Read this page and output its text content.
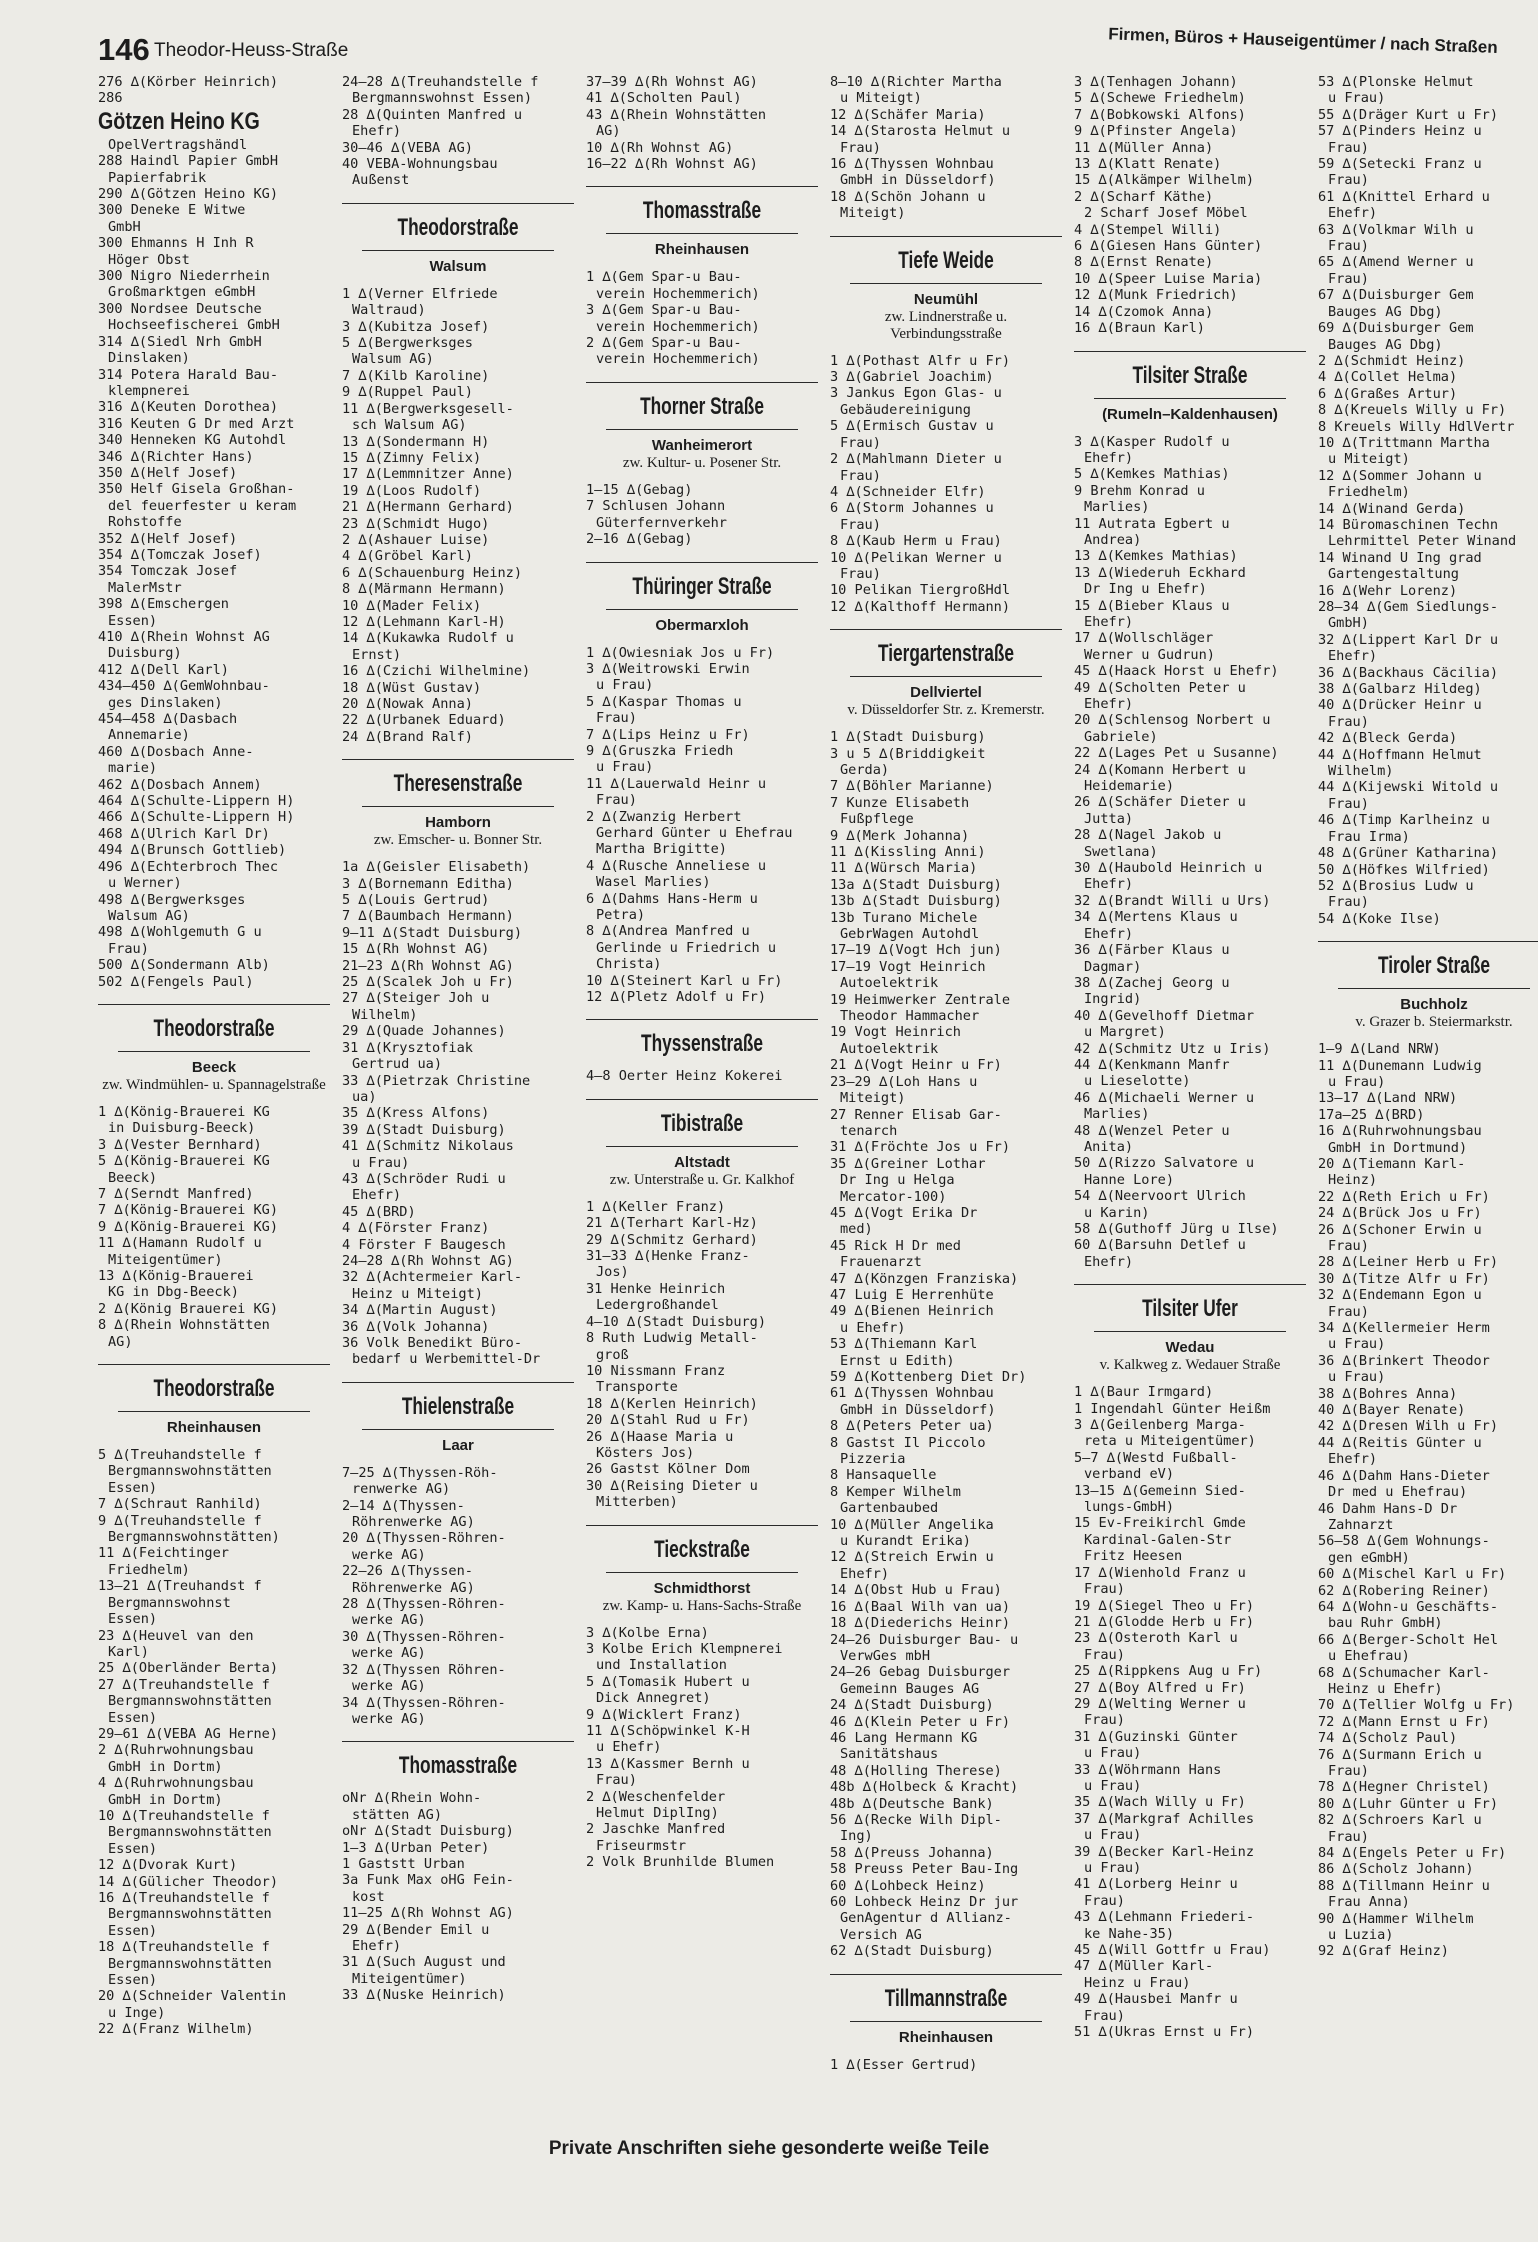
146 Theodor-Heuss-Straße	Firmen, Büros + Hauseigentümer / nach Straßen
276 ∆(Körber Heinrich)
286
Götzen Heino KG
OpelVertragshändl
288 Haindl Papier GmbH
Papierfabrik
290 ∆(Götzen Heino KG)
300 Deneke E Witwe
GmbH
300 Ehmanns H Inh R
Höger Obst
300 Nigro Niederrhein
Großmarktgen eGmbH
300 Nordsee Deutsche
Hochseefischerei GmbH
314 ∆(Siedl Nrh GmbH
Dinslaken)
314 Potera Harald Bau-
klempnerei
316 ∆(Keuten Dorothea)
316 Keuten G Dr med Arzt
340 Henneken KG Autohdl
346 ∆(Richter Hans)
350 ∆(Helf Josef)
350 Helf Gisela Großhan-
del feuerfester u keram
Rohstoffe
352 ∆(Helf Josef)
354 ∆(Tomczak Josef)
354 Tomczak Josef
MalerMstr
398 ∆(Emschergen
Essen)
410 ∆(Rhein Wohnst AG
Duisburg)
412 ∆(Dell Karl)
434–450 ∆(GemWohnbau-
ges Dinslaken)
454–458 ∆(Dasbach
Annemarie)
460 ∆(Dosbach Anne-
marie)
462 ∆(Dosbach Annem)
464 ∆(Schulte-Lippern H)
466 ∆(Schulte-Lippern H)
468 ∆(Ulrich Karl Dr)
494 ∆(Brunsch Gottlieb)
496 ∆(Echterbroch Thec
u Werner)
498 ∆(Bergwerksges
Walsum AG)
498 ∆(Wohlgemuth G u
Frau)
500 ∆(Sondermann Alb)
502 ∆(Fengels Paul)
Theodorstraße
Beeck
zw. Windmühlen- u. Spannagelstraße
1 ∆(König-Brauerei KG
in Duisburg-Beeck)
3 ∆(Vester Bernhard)
5 ∆(König-Brauerei KG
Beeck)
7 ∆(Serndt Manfred)
7 ∆(König-Brauerei KG)
9 ∆(König-Brauerei KG)
11 ∆(Hamann Rudolf u
Miteigentümer)
13 ∆(König-Brauerei
KG in Dbg-Beeck)
2 ∆(König Brauerei KG)
8 ∆(Rhein Wohnstätten
AG)
Theodorstraße
Rheinhausen
5 ∆(Treuhandstelle f
Bergmannswohnstätten
Essen)
7 ∆(Schraut Ranhild)
9 ∆(Treuhandstelle f
Bergmannswohnstätten)
11 ∆(Feichtinger
Friedhelm)
13–21 ∆(Treuhandst f
Bergmannswohnst
Essen)
23 ∆(Heuvel van den
Karl)
25 ∆(Oberländer Berta)
27 ∆(Treuhandstelle f
Bergmannswohnstätten
Essen)
29–61 ∆(VEBA AG Herne)
2 ∆(Ruhrwohnungsbau
GmbH in Dortm)
4 ∆(Ruhrwohnungsbau
GmbH in Dortm)
10 ∆(Treuhandstelle f
Bergmannswohnstätten
Essen)
12 ∆(Dvorak Kurt)
14 ∆(Gülicher Theodor)
16 ∆(Treuhandstelle f
Bergmannswohnstätten
Essen)
18 ∆(Treuhandstelle f
Bergmannswohnstätten
Essen)
20 ∆(Schneider Valentin
u Inge)
22 ∆(Franz Wilhelm)
24–28 ∆(Treuhandstelle f
Bergmannswohnst Essen)
28 ∆(Quinten Manfred u
Ehefr)
30–46 ∆(VEBA AG)
40 VEBA-Wohnungsbau
Außenst
Theodorstraße
Walsum
1 ∆(Verner Elfriede
Waltraud)
3 ∆(Kubitza Josef)
5 ∆(Bergwerksges
Walsum AG)
7 ∆(Kilb Karoline)
9 ∆(Ruppel Paul)
11 ∆(Bergwerksgesell-
sch Walsum AG)
13 ∆(Sondermann H)
15 ∆(Zimny Felix)
17 ∆(Lemmnitzer Anne)
19 ∆(Loos Rudolf)
21 ∆(Hermann Gerhard)
23 ∆(Schmidt Hugo)
2 ∆(Ashauer Luise)
4 ∆(Gröbel Karl)
6 ∆(Schauenburg Heinz)
8 ∆(Märmann Hermann)
10 ∆(Mader Felix)
12 ∆(Lehmann Karl-H)
14 ∆(Kukawka Rudolf u
Ernst)
16 ∆(Czichi Wilhelmine)
18 ∆(Wüst Gustav)
20 ∆(Nowak Anna)
22 ∆(Urbanek Eduard)
24 ∆(Brand Ralf)
Theresenstraße
Hamborn
zw. Emscher- u. Bonner Str.
1a ∆(Geisler Elisabeth)
3 ∆(Bornemann Editha)
5 ∆(Louis Gertrud)
7 ∆(Baumbach Hermann)
9–11 ∆(Stadt Duisburg)
15 ∆(Rh Wohnst AG)
21–23 ∆(Rh Wohnst AG)
25 ∆(Scalek Joh u Fr)
27 ∆(Steiger Joh u
Wilhelm)
29 ∆(Quade Johannes)
31 ∆(Krysztofiak
Gertrud ua)
33 ∆(Pietrzak Christine
ua)
35 ∆(Kress Alfons)
39 ∆(Stadt Duisburg)
41 ∆(Schmitz Nikolaus
u Frau)
43 ∆(Schröder Rudi u
Ehefr)
45 ∆(BRD)
4 ∆(Förster Franz)
4 Förster F Baugesch
24–28 ∆(Rh Wohnst AG)
32 ∆(Achtermeier Karl-
Heinz u Miteigt)
34 ∆(Martin August)
36 ∆(Volk Johanna)
36 Volk Benedikt Büro-
bedarf u Werbemittel-Dr
Thielenstraße
Laar
7–25 ∆(Thyssen-Röh-
renwerke AG)
2–14 ∆(Thyssen-
Röhrenwerke AG)
20 ∆(Thyssen-Röhren-
werke AG)
22–26 ∆(Thyssen-
Röhrenwerke AG)
28 ∆(Thyssen-Röhren-
werke AG)
30 ∆(Thyssen-Röhren-
werke AG)
32 ∆(Thyssen Röhren-
werke AG)
34 ∆(Thyssen-Röhren-
werke AG)
Thomasstraße
oNr ∆(Rhein Wohn-
stätten AG)
oNr ∆(Stadt Duisburg)
1–3 ∆(Urban Peter)
1 Gaststt Urban
3a Funk Max oHG Fein-
kost
11–25 ∆(Rh Wohnst AG)
29 ∆(Bender Emil u
Ehefr)
31 ∆(Such August und
Miteigentümer)
33 ∆(Nuske Heinrich)
37–39 ∆(Rh Wohnst AG)
41 ∆(Scholten Paul)
43 ∆(Rhein Wohnstätten
AG)
10 ∆(Rh Wohnst AG)
16–22 ∆(Rh Wohnst AG)
Thomasstraße
Rheinhausen
1 ∆(Gem Spar-u Bau-
verein Hochemmerich)
3 ∆(Gem Spar-u Bau-
verein Hochemmerich)
2 ∆(Gem Spar-u Bau-
verein Hochemmerich)
Thorner Straße
Wanheimerort
zw. Kultur- u. Posener Str.
1–15 ∆(Gebag)
7 Schlusen Johann
Güterfernverkehr
2–16 ∆(Gebag)
Thüringer Straße
Obermarxloh
1 ∆(Owiesniak Jos u Fr)
3 ∆(Weitrowski Erwin
u Frau)
5 ∆(Kaspar Thomas u
Frau)
7 ∆(Lips Heinz u Fr)
9 ∆(Gruszka Friedh
u Frau)
11 ∆(Lauerwald Heinr u
Frau)
2 ∆(Zwanzig Herbert
Gerhard Günter u Ehefrau
Martha Brigitte)
4 ∆(Rusche Anneliese u
Wasel Marlies)
6 ∆(Dahms Hans-Herm u
Petra)
8 ∆(Andrea Manfred u
Gerlinde u Friedrich u
Christa)
10 ∆(Steinert Karl u Fr)
12 ∆(Pletz Adolf u Fr)
Thyssenstraße
4–8 Oerter Heinz Kokerei
Tibistraße
Altstadt
zw. Unterstraße u. Gr. Kalkhof
1 ∆(Keller Franz)
21 ∆(Terhart Karl-Hz)
29 ∆(Schmitz Gerhard)
31–33 ∆(Henke Franz-
Jos)
31 Henke Heinrich
Ledergroßhandel
4–10 ∆(Stadt Duisburg)
8 Ruth Ludwig Metall-
groß
10 Nissmann Franz
Transporte
18 ∆(Kerlen Heinrich)
20 ∆(Stahl Rud u Fr)
26 ∆(Haase Maria u
Kösters Jos)
26 Gastst Kölner Dom
30 ∆(Reising Dieter u
Mitterben)
Tieckstraße
Schmidthorst
zw. Kamp- u. Hans-Sachs-Straße
3 ∆(Kolbe Erna)
3 Kolbe Erich Klempnerei
und Installation
5 ∆(Tomasik Hubert u
Dick Annegret)
9 ∆(Wicklert Franz)
11 ∆(Schöpwinkel K-H
u Ehefr)
13 ∆(Kassmer Bernh u
Frau)
2 ∆(Weschenfelder
Helmut DiplIng)
2 Jaschke Manfred
Friseurmstr
2 Volk Brunhilde Blumen
8–10 ∆(Richter Martha
u Miteigt)
12 ∆(Schäfer Maria)
14 ∆(Starosta Helmut u
Frau)
16 ∆(Thyssen Wohnbau
GmbH in Düsseldorf)
18 ∆(Schön Johann u
Miteigt)
Tiefe Weide
Neumühl
zw. Lindnerstraße u. Verbindungsstraße
1 ∆(Pothast Alfr u Fr)
3 ∆(Gabriel Joachim)
3 Jankus Egon Glas- u
Gebäudereinigung
5 ∆(Ermisch Gustav u
Frau)
2 ∆(Mahlmann Dieter u
Frau)
4 ∆(Schneider Elfr)
6 ∆(Storm Johannes u
Frau)
8 ∆(Kaub Herm u Frau)
10 ∆(Pelikan Werner u
Frau)
10 Pelikan TiergroßHdl
12 ∆(Kalthoff Hermann)
Tiergartenstraße
Dellviertel
v. Düsseldorfer Str. z. Kremerstr.
1 ∆(Stadt Duisburg)
3 u 5 ∆(Briddigkeit
Gerda)
7 ∆(Böhler Marianne)
7 Kunze Elisabeth
Fußpflege
9 ∆(Merk Johanna)
11 ∆(Kissling Anni)
11 ∆(Würsch Maria)
13a ∆(Stadt Duisburg)
13b ∆(Stadt Duisburg)
13b Turano Michele
GebrWagen Autohdl
17–19 ∆(Vogt Hch jun)
17–19 Vogt Heinrich
Autoelektrik
19 Heimwerker Zentrale
Theodor Hammacher
19 Vogt Heinrich
Autoelektrik
21 ∆(Vogt Heinr u Fr)
23–29 ∆(Loh Hans u
Miteigt)
27 Renner Elisab Gar-
tenarch
31 ∆(Fröchte Jos u Fr)
35 ∆(Greiner Lothar
Dr Ing u Helga
Mercator-100)
45 ∆(Vogt Erika Dr
med)
45 Rick H Dr med
Frauenarzt
47 ∆(Könzgen Franziska)
47 Luig E Herrenhüte
49 ∆(Bienen Heinrich
u Ehefr)
53 ∆(Thiemann Karl
Ernst u Edith)
59 ∆(Kottenberg Diet Dr)
61 ∆(Thyssen Wohnbau
GmbH in Düsseldorf)
8 ∆(Peters Peter ua)
8 Gastst Il Piccolo
Pizzeria
8 Hansaquelle
8 Kemper Wilhelm
Gartenbaubed
10 ∆(Müller Angelika
u Kurandt Erika)
12 ∆(Streich Erwin u
Ehefr)
14 ∆(Obst Hub u Frau)
16 ∆(Baal Wilh van ua)
18 ∆(Diederichs Heinr)
24–26 Duisburger Bau- u
VerwGes mbH
24–26 Gebag Duisburger
Gemeinn Bauges AG
24 ∆(Stadt Duisburg)
46 ∆(Klein Peter u Fr)
46 Lang Hermann KG
Sanitätshaus
48 ∆(Holling Therese)
48b ∆(Holbeck & Kracht)
48b ∆(Deutsche Bank)
56 ∆(Recke Wilh Dipl-
Ing)
58 ∆(Preuss Johanna)
58 Preuss Peter Bau-Ing
60 ∆(Lohbeck Heinz)
60 Lohbeck Heinz Dr jur
GenAgentur d Allianz-
Versich AG
62 ∆(Stadt Duisburg)
Tillmannstraße
Rheinhausen
1 ∆(Esser Gertrud)
3 ∆(Tenhagen Johann)
5 ∆(Schewe Friedhelm)
7 ∆(Bobkowski Alfons)
9 ∆(Pfinster Angela)
11 ∆(Müller Anna)
13 ∆(Klatt Renate)
15 ∆(Alkämper Wilhelm)
2 ∆(Scharf Käthe)
2 Scharf Josef Möbel
4 ∆(Stempel Willi)
6 ∆(Giesen Hans Günter)
8 ∆(Ernst Renate)
10 ∆(Speer Luise Maria)
12 ∆(Munk Friedrich)
14 ∆(Czomok Anna)
16 ∆(Braun Karl)
Tilsiter Straße
(Rumeln–Kaldenhausen)
3 ∆(Kasper Rudolf u
Ehefr)
5 ∆(Kemkes Mathias)
9 Brehm Konrad u
Marlies)
11 Autrata Egbert u
Andrea)
13 ∆(Kemkes Mathias)
13 ∆(Wiederuh Eckhard
Dr Ing u Ehefr)
15 ∆(Bieber Klaus u
Ehefr)
17 ∆(Wollschläger
Werner u Gudrun)
45 ∆(Haack Horst u Ehefr)
49 ∆(Scholten Peter u
Ehefr)
20 ∆(Schlensog Norbert u
Gabriele)
22 ∆(Lages Pet u Susanne)
24 ∆(Komann Herbert u
Heidemarie)
26 ∆(Schäfer Dieter u
Jutta)
28 ∆(Nagel Jakob u
Swetlana)
30 ∆(Haubold Heinrich u
Ehefr)
32 ∆(Brandt Willi u Urs)
34 ∆(Mertens Klaus u
Ehefr)
36 ∆(Färber Klaus u
Dagmar)
38 ∆(Zachej Georg u
Ingrid)
40 ∆(Gevelhoff Dietmar
u Margret)
42 ∆(Schmitz Utz u Iris)
44 ∆(Kenkmann Manfr
u Lieselotte)
46 ∆(Michaeli Werner u
Marlies)
48 ∆(Wenzel Peter u
Anita)
50 ∆(Rizzo Salvatore u
Hanne Lore)
54 ∆(Neervoort Ulrich
u Karin)
58 ∆(Guthoff Jürg u Ilse)
60 ∆(Barsuhn Detlef u
Ehefr)
Tilsiter Ufer
Wedau
v. Kalkweg z. Wedauer Straße
1 ∆(Baur Irmgard)
1 Ingendahl Günter Heißm
3 ∆(Geilenberg Marga-
reta u Miteigentümer)
5–7 ∆(Westd Fußball-
verband eV)
13–15 ∆(Gemeinn Sied-
lungs-GmbH)
15 Ev-Freikirchl Gmde
Kardinal-Galen-Str
Fritz Heesen
17 ∆(Wienhold Franz u
Frau)
19 ∆(Siegel Theo u Fr)
21 ∆(Glodde Herb u Fr)
23 ∆(Osteroth Karl u
Frau)
25 ∆(Rippkens Aug u Fr)
27 ∆(Boy Alfred u Fr)
29 ∆(Welting Werner u
Frau)
31 ∆(Guzinski Günter
u Frau)
33 ∆(Wöhrmann Hans
u Frau)
35 ∆(Wach Willy u Fr)
37 ∆(Markgraf Achilles
u Frau)
39 ∆(Becker Karl-Heinz
u Frau)
41 ∆(Lorberg Heinr u
Frau)
43 ∆(Lehmann Friederi-
ke Nahe-35)
45 ∆(Will Gottfr u Frau)
47 ∆(Müller Karl-
Heinz u Frau)
49 ∆(Hausbei Manfr u
Frau)
51 ∆(Ukras Ernst u Fr)
53 ∆(Plonske Helmut
u Frau)
55 ∆(Dräger Kurt u Fr)
57 ∆(Pinders Heinz u
Frau)
59 ∆(Setecki Franz u
Frau)
61 ∆(Knittel Erhard u
Ehefr)
63 ∆(Volkmar Wilh u
Frau)
65 ∆(Amend Werner u
Frau)
67 ∆(Duisburger Gem
Bauges AG Dbg)
69 ∆(Duisburger Gem
Bauges AG Dbg)
2 ∆(Schmidt Heinz)
4 ∆(Collet Helma)
6 ∆(Graßes Artur)
8 ∆(Kreuels Willy u Fr)
8 Kreuels Willy HdlVertr
10 ∆(Trittmann Martha
u Miteigt)
12 ∆(Sommer Johann u
Friedhelm)
14 ∆(Winand Gerda)
14 Büromaschinen Techn
Lehrmittel Peter Winand
14 Winand U Ing grad
Gartengestaltung
16 ∆(Wehr Lorenz)
28–34 ∆(Gem Siedlungs-
GmbH)
32 ∆(Lippert Karl Dr u
Ehefr)
36 ∆(Backhaus Cäcilia)
38 ∆(Galbarz Hildeg)
40 ∆(Drücker Heinr u
Frau)
42 ∆(Bleck Gerda)
44 ∆(Hoffmann Helmut
Wilhelm)
44 ∆(Kijewski Witold u
Frau)
46 ∆(Timp Karlheinz u
Frau Irma)
48 ∆(Grüner Katharina)
50 ∆(Höfkes Wilfried)
52 ∆(Brosius Ludw u
Frau)
54 ∆(Koke Ilse)
Tiroler Straße
Buchholz
v. Grazer b. Steiermarkstr.
1–9 ∆(Land NRW)
11 ∆(Dunemann Ludwig
u Frau)
13–17 ∆(Land NRW)
17a–25 ∆(BRD)
16 ∆(Ruhrwohnungsbau
GmbH in Dortmund)
20 ∆(Tiemann Karl-
Heinz)
22 ∆(Reth Erich u Fr)
24 ∆(Brück Jos u Fr)
26 ∆(Schoner Erwin u
Frau)
28 ∆(Leiner Herb u Fr)
30 ∆(Titze Alfr u Fr)
32 ∆(Endemann Egon u
Frau)
34 ∆(Kellermeier Herm
u Frau)
36 ∆(Brinkert Theodor
u Frau)
38 ∆(Bohres Anna)
40 ∆(Bayer Renate)
42 ∆(Dresen Wilh u Fr)
44 ∆(Reitis Günter u
Ehefr)
46 ∆(Dahm Hans-Dieter
Dr med u Ehefrau)
46 Dahm Hans-D Dr
Zahnarzt
56–58 ∆(Gem Wohnungs-
gen eGmbH)
60 ∆(Mischel Karl u Fr)
62 ∆(Robering Reiner)
64 ∆(Wohn-u Geschäfts-
bau Ruhr GmbH)
66 ∆(Berger-Scholt Hel
u Ehefrau)
68 ∆(Schumacher Karl-
Heinz u Ehefr)
70 ∆(Tellier Wolfg u Fr)
72 ∆(Mann Ernst u Fr)
74 ∆(Scholz Paul)
76 ∆(Surmann Erich u
Frau)
78 ∆(Hegner Christel)
80 ∆(Luhr Günter u Fr)
82 ∆(Schroers Karl u
Frau)
84 ∆(Engels Peter u Fr)
86 ∆(Scholz Johann)
88 ∆(Tillmann Heinr u
Frau Anna)
90 ∆(Hammer Wilhelm
u Luzia)
92 ∆(Graf Heinz)
Private Anschriften siehe gesonderte weiße Teile
